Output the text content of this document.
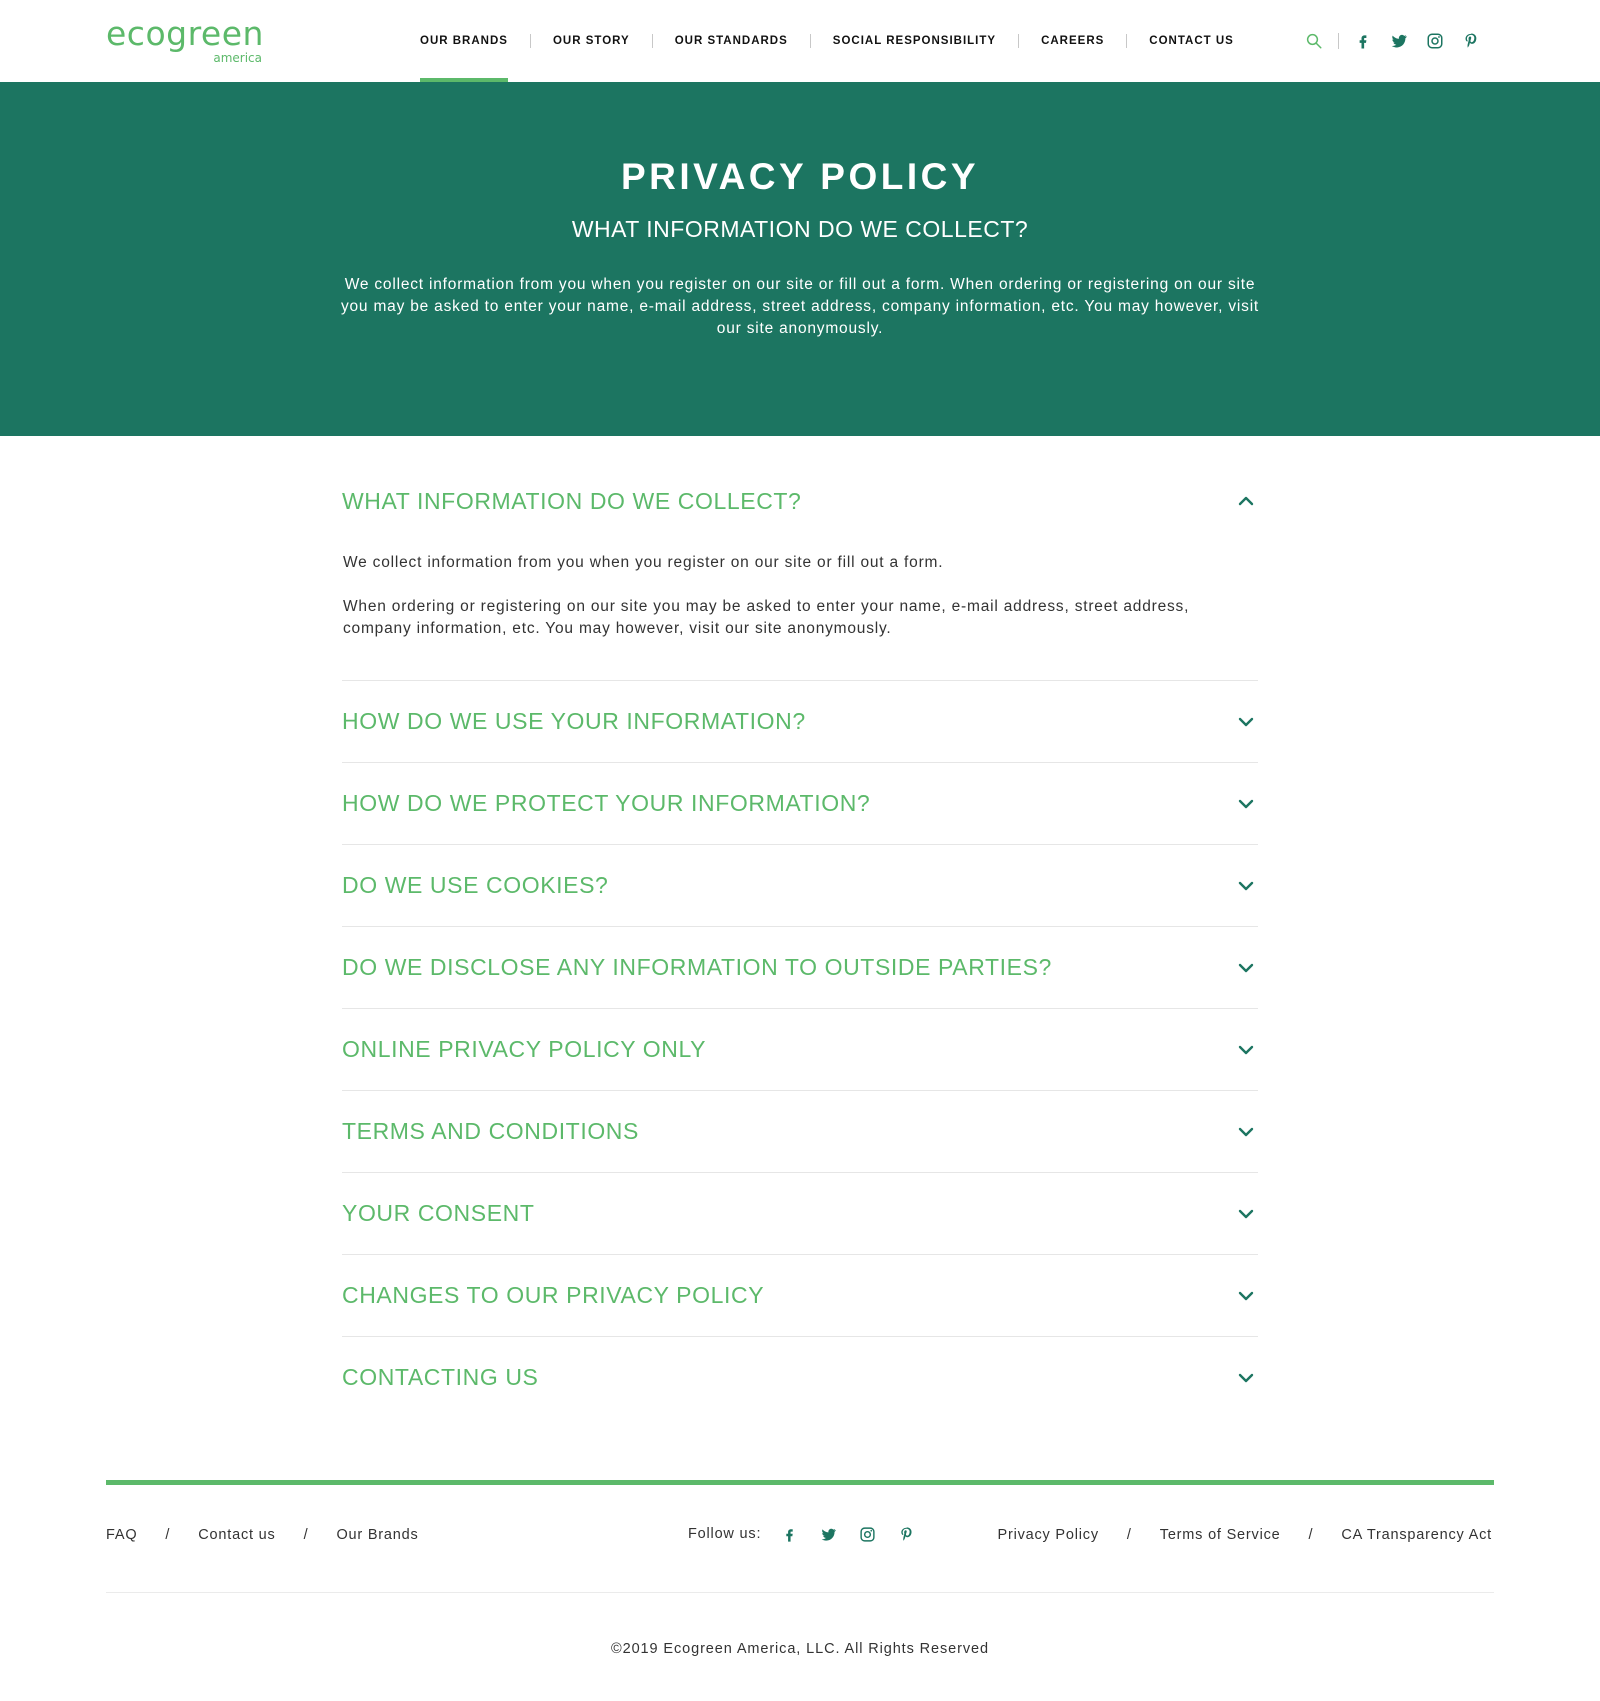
ecogreen
america
OUR BRANDS	OUR STORY	OUR STANDARDS	SOCIAL RESPONSIBILITY	CAREERS	CONTACT US
PRIVACY POLICY
WHAT INFORMATION DO WE COLLECT?

We collect information from you when you register on our site or fill out a form. When ordering or registering on our site you may be asked to enter your name, e-mail address, street address, company information, etc. You may however, visit our site anonymously.

WHAT INFORMATION DO WE COLLECT?

We collect information from you when you register on our site or fill out a form.

When ordering or registering on our site you may be asked to enter your name, e-mail address, street address, company information, etc. You may however, visit our site anonymously.

HOW DO WE USE YOUR INFORMATION?
HOW DO WE PROTECT YOUR INFORMATION?
DO WE USE COOKIES?
DO WE DISCLOSE ANY INFORMATION TO OUTSIDE PARTIES?
ONLINE PRIVACY POLICY ONLY
TERMS AND CONDITIONS
YOUR CONSENT
CHANGES TO OUR PRIVACY POLICY
CONTACTING US
FAQ / Contact us / Our Brands	Follow us:	Privacy Policy / Terms of Service / CA Transparency Act
©2019 Ecogreen America, LLC. All Rights Reserved
